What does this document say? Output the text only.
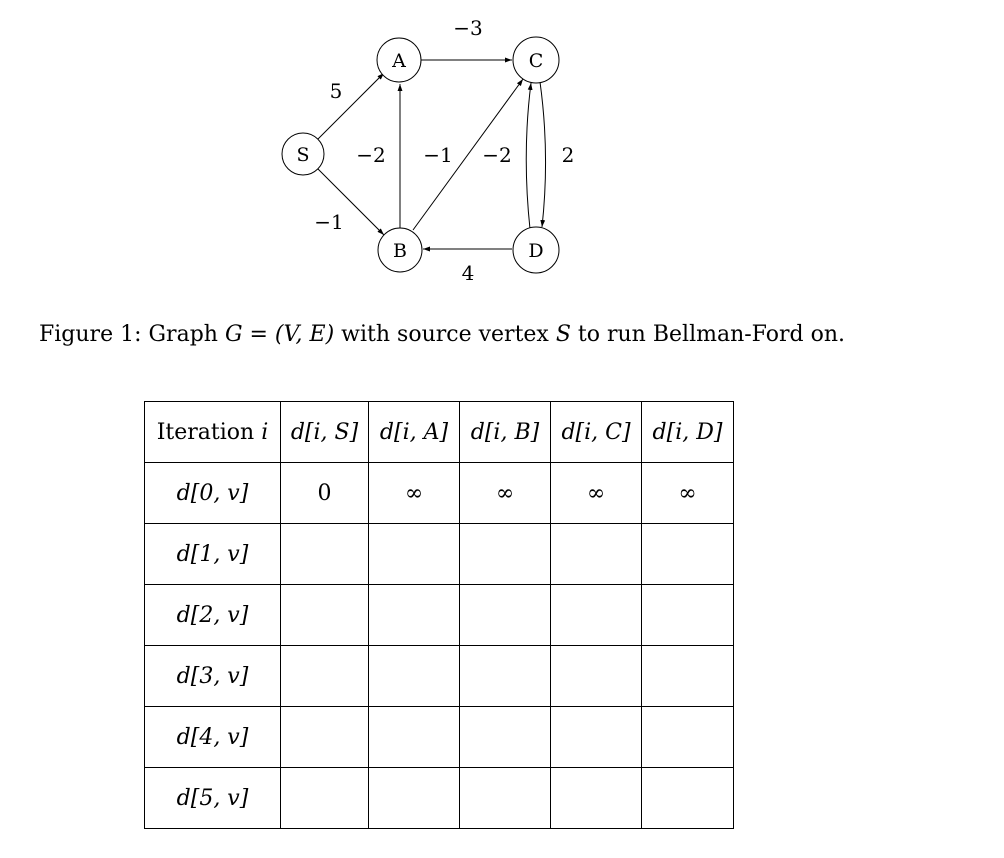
5
−1
−3
−2 −1 −2 2
4
S
A
B
C
D
Figure 1: Graph G = (V, E) with source vertex S to run Bellman-Ford on.
Iteration i	d[i, S]	d[i, A]	d[i, B]	d[i, C]	d[i, D]
d[0, v]	0	∞	∞	∞	∞
d[1, v]					
d[2, v]					
d[3, v]					
d[4, v]					
d[5, v]					
